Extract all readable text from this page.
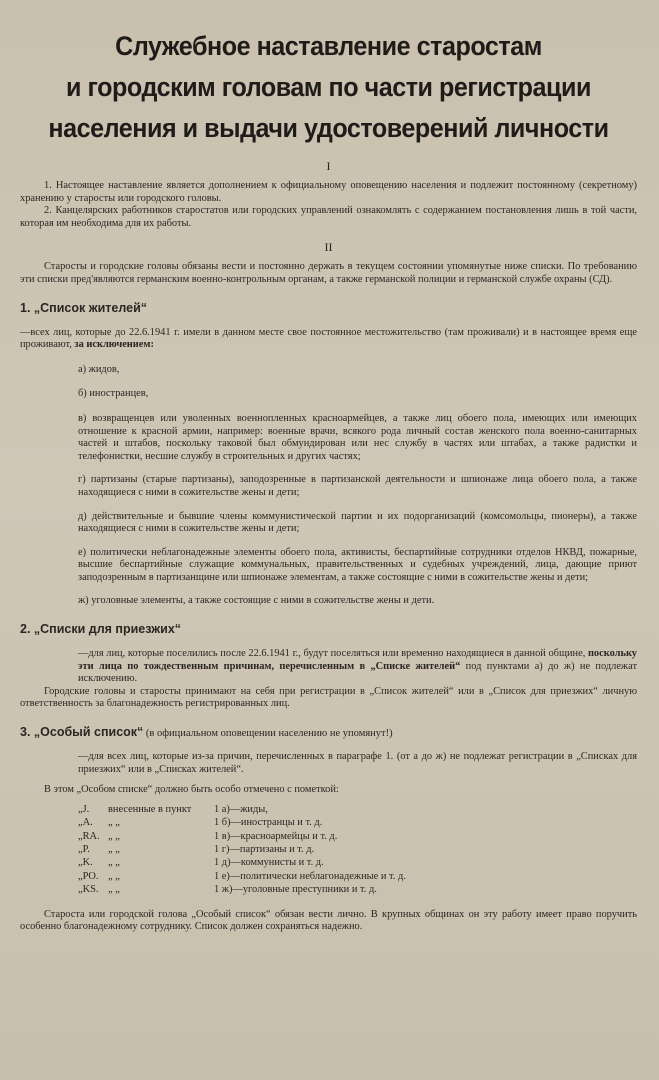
Служебное наставление старостам
и городским головам по части регистрации
населения и выдачи удостоверений личности
I

1. Настоящее наставление является дополнением к официальному оповещению населения и подлежит постоянному (секретному) хранению у старосты или городского головы.

2. Канцелярских работников старостатов или городских управлений ознакомлять с содержанием постановления лишь в той части, которая им необходима для их работы.

II

Старосты и городские головы обязаны вести и постоянно держать в текущем состоянии упомянутые ниже списки. По требованию эти списки пред'являются германским военно-контрольным органам, а также германской полиции и германской службе охраны (СД).

1. „Список жителей“

—всех лиц, которые до 22.6.1941 г. имели в данном месте свое постоянное местожительство (там проживали) и в настоящее время еще проживают, за исключением:

а) жидов,

б) иностранцев,

в) возвращенцев или уволенных военнопленных красноармейцев, а также лиц обоего пола, имеющих или имеющих отношение к красной армии, например: военные врачи, всякого рода личный состав женского пола военно-санитарных частей и штабов, поскольку таковой был обмундирован или нес службу в частях или штабах, а также радистки и телефонистки, несшие службу в строительных и других частях;

г) партизаны (старые партизаны), заподозренные в партизанской деятельности и шпионаже лица обоего пола, а также находящиеся с ними в сожительстве жены и дети;

д) действительные и бывшие члены коммунистической партии и их подорганизаций (комсомольцы, пионеры), а также находящиеся с ними в сожительстве жены и дети;

е) политически неблагонадежные элементы обоего пола, активисты, беспартийные сотрудники отделов НКВД, пожарные, высшие беспартийные служащие коммунальных, правительственных и судебных учреждений, лица, дающие приют заподозренным в партизанщине или шпионаже элементам, а также состоящие с ними в сожительстве жены и дети;

ж) уголовные элементы, а также состоящие с ними в сожительстве жены и дети.

2. „Списки для приезжих“

—для лиц, которые поселились после 22.6.1941 г., будут поселяться или временно находящиеся в данной общине, поскольку эти лица по тождественным причинам, перечисленным в „Списке жителей“ под пунктами а) до ж) не подлежат исключению.

Городские головы и старосты принимают на себя при регистрации в „Список жителей“ или в „Список для приезжих“ личную ответственность за благонадежность регистрированных лиц.

3. „Особый список“ (в официальном оповещении населению не упомянут!)

—для всех лиц, которые из-за причин, перечисленных в параграфе 1. (от а до ж) не подлежат регистрации в „Списках для приезжих“ или в „Списках жителей“.

В этом „Особом списке“ должно быть особо отмечено с пометкой:

„J.	внесенные в пункт	1 а)—жиды,
„A.	„ „	1 б)—иностранцы и т. д.
„RA. „ „	1 в)—красноармейцы и т. д.
„P.	„ „	1 г)—партизаны и т. д.
„K.	„ „	1 д)—коммунисты и т. д.
„PO. „ „	1 е)—политически неблагонадежные и т. д.
„KS. „ „	1 ж)—уголовные преступники и т. д.

Староста или городской голова „Особый список“ обязан вести лично. В крупных общинах он эту работу имеет право поручить особенно благонадежному сотруднику. Список должен сохраняться надежно.
